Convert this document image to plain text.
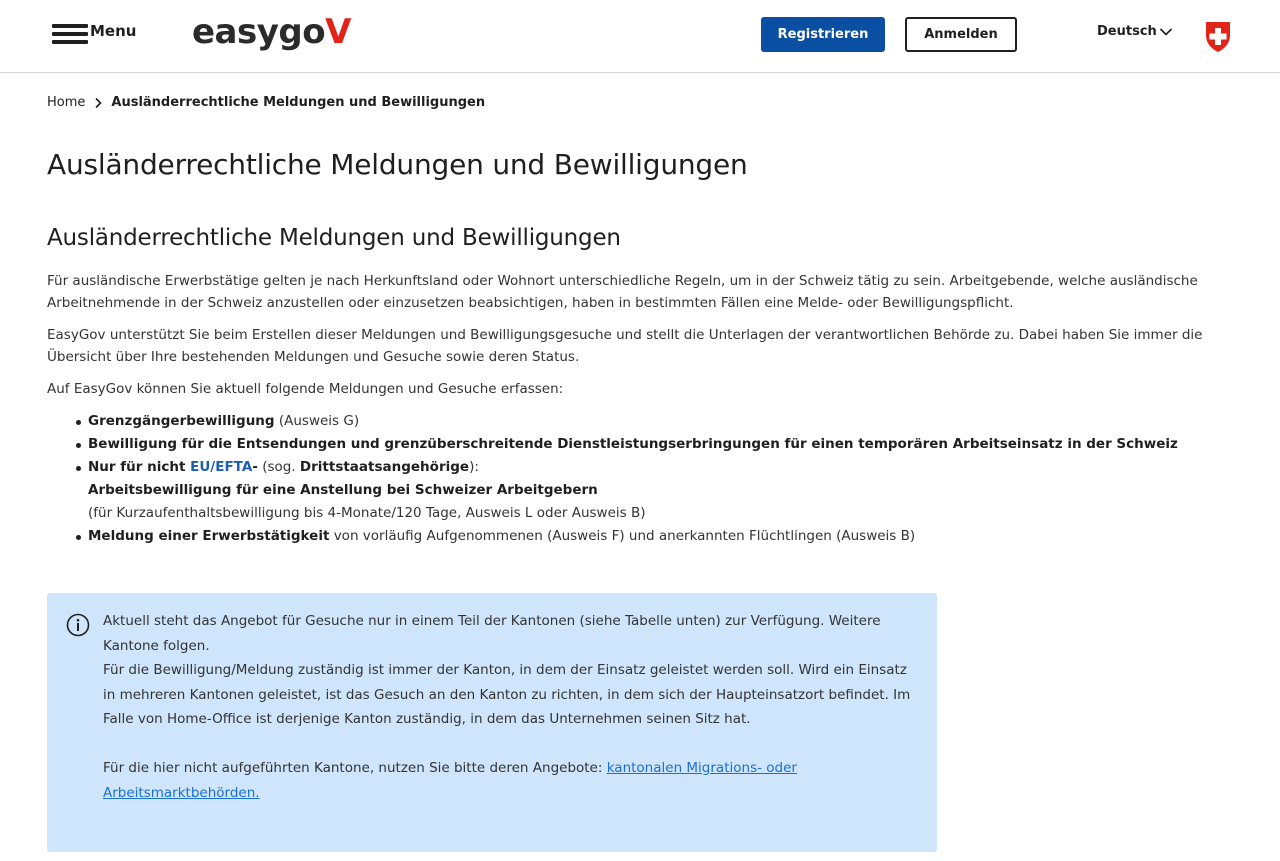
Menu easygoV	Registrieren	Anmelden	Deutsch
Home Ausländerrechtliche Meldungen und Bewilligungen
Ausländerrechtliche Meldungen und Bewilligungen
Ausländerrechtliche Meldungen und Bewilligungen

Für ausländische Erwerbstätige gelten je nach Herkunftsland oder Wohnort unterschiedliche Regeln, um in der Schweiz tätig zu sein. Arbeitgebende, welche ausländische Arbeitnehmende in der Schweiz anzustellen oder einzusetzen beabsichtigen, haben in bestimmten Fällen eine Melde- oder Bewilligungspflicht.

EasyGov unterstützt Sie beim Erstellen dieser Meldungen und Bewilligungsgesuche und stellt die Unterlagen der verantwortlichen Behörde zu. Dabei haben Sie immer die Übersicht über Ihre bestehenden Meldungen und Gesuche sowie deren Status.

Auf EasyGov können Sie aktuell folgende Meldungen und Gesuche erfassen:

Grenzgängerbewilligung (Ausweis G)
Bewilligung für die Entsendungen und grenzüberschreitende Dienstleistungserbringungen für einen temporären Arbeitseinsatz in der Schweiz
Nur für nicht EU/EFTA- (sog. Drittstaatsangehörige):
Arbeitsbewilligung für eine Anstellung bei Schweizer Arbeitgebern
(für Kurzaufenthaltsbewilligung bis 4-Monate/120 Tage, Ausweis L oder Ausweis B)
Meldung einer Erwerbstätigkeit von vorläufig Aufgenommenen (Ausweis F) und anerkannten Flüchtlingen (Ausweis B)
Aktuell steht das Angebot für Gesuche nur in einem Teil der Kantonen (siehe Tabelle unten) zur Verfügung. Weitere Kantone folgen.
Für die Bewilligung/Meldung zuständig ist immer der Kanton, in dem der Einsatz geleistet werden soll. Wird ein Einsatz in mehreren Kantonen geleistet, ist das Gesuch an den Kanton zu richten, in dem sich der Haupteinsatzort befindet. Im Falle von Home-Office ist derjenige Kanton zuständig, in dem das Unternehmen seinen Sitz hat.
Für die hier nicht aufgeführten Kantone, nutzen Sie bitte deren Angebote: kantonalen Migrations- oder Arbeitsmarktbehörden.
